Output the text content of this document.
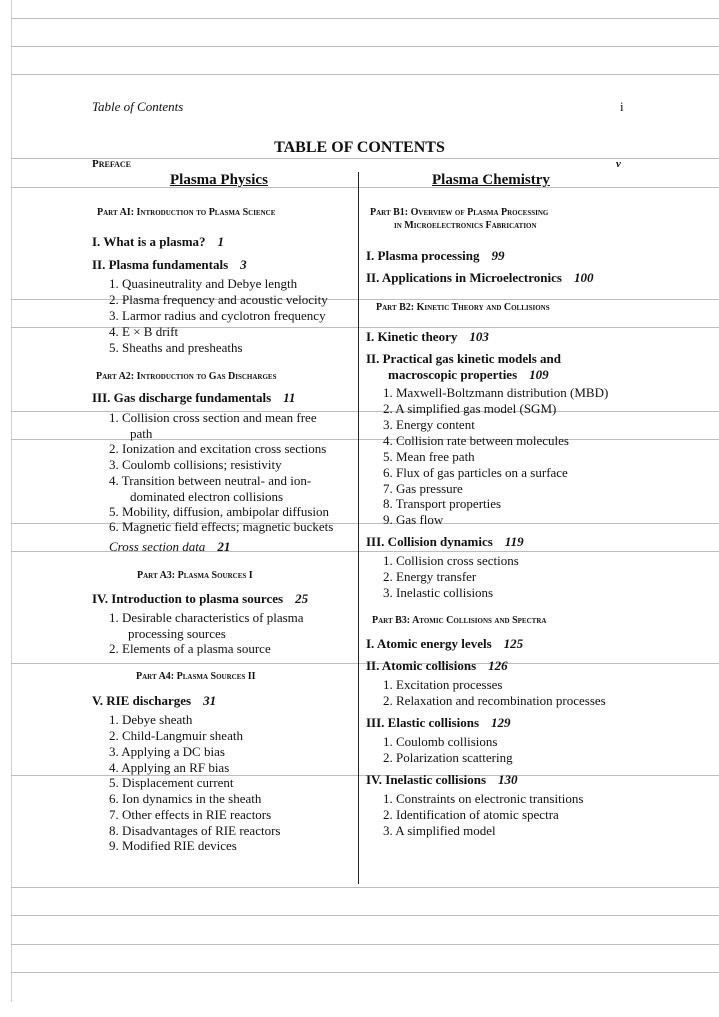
Table of Contents	i
TABLE OF CONTENTS
Preface	v
Plasma Physics	Plasma Chemistry
Part AI: Introduction to Plasma Science
I. What is a plasma? 1
II. Plasma fundamentals 3
1. Quasineutrality and Debye length
2. Plasma frequency and acoustic velocity
3. Larmor radius and cyclotron frequency
4. E × B drift
5. Sheaths and presheaths
Part A2: Introduction to Gas Discharges
III. Gas discharge fundamentals 11
1. Collision cross section and mean free
path
2. Ionization and excitation cross sections
3. Coulomb collisions; resistivity
4. Transition between neutral- and ion-
dominated electron collisions
5. Mobility, diffusion, ambipolar diffusion
6. Magnetic field effects; magnetic buckets
Cross section data 21
Part A3: Plasma Sources I
IV. Introduction to plasma sources 25
1. Desirable characteristics of plasma
processing sources
2. Elements of a plasma source
Part A4: Plasma Sources II
V. RIE discharges 31
1. Debye sheath
2. Child-Langmuir sheath
3. Applying a DC bias
4. Applying an RF bias
5. Displacement current
6. Ion dynamics in the sheath
7. Other effects in RIE reactors
8. Disadvantages of RIE reactors
9. Modified RIE devices
Part B1: Overview of Plasma Processing
in Microelectronics Fabrication
I. Plasma processing 99
II. Applications in Microelectronics 100
Part B2: Kinetic Theory and Collisions
I. Kinetic theory 103
II. Practical gas kinetic models and
macroscopic properties 109
1. Maxwell-Boltzmann distribution (MBD)
2. A simplified gas model (SGM)
3. Energy content
4. Collision rate between molecules
5. Mean free path
6. Flux of gas particles on a surface
7. Gas pressure
8. Transport properties
9. Gas flow
III. Collision dynamics 119
1. Collision cross sections
2. Energy transfer
3. Inelastic collisions
Part B3: Atomic Collisions and Spectra
I. Atomic energy levels 125
II. Atomic collisions 126
1. Excitation processes
2. Relaxation and recombination processes
III. Elastic collisions 129
1. Coulomb collisions
2. Polarization scattering
IV. Inelastic collisions 130
1. Constraints on electronic transitions
2. Identification of atomic spectra
3. A simplified model
